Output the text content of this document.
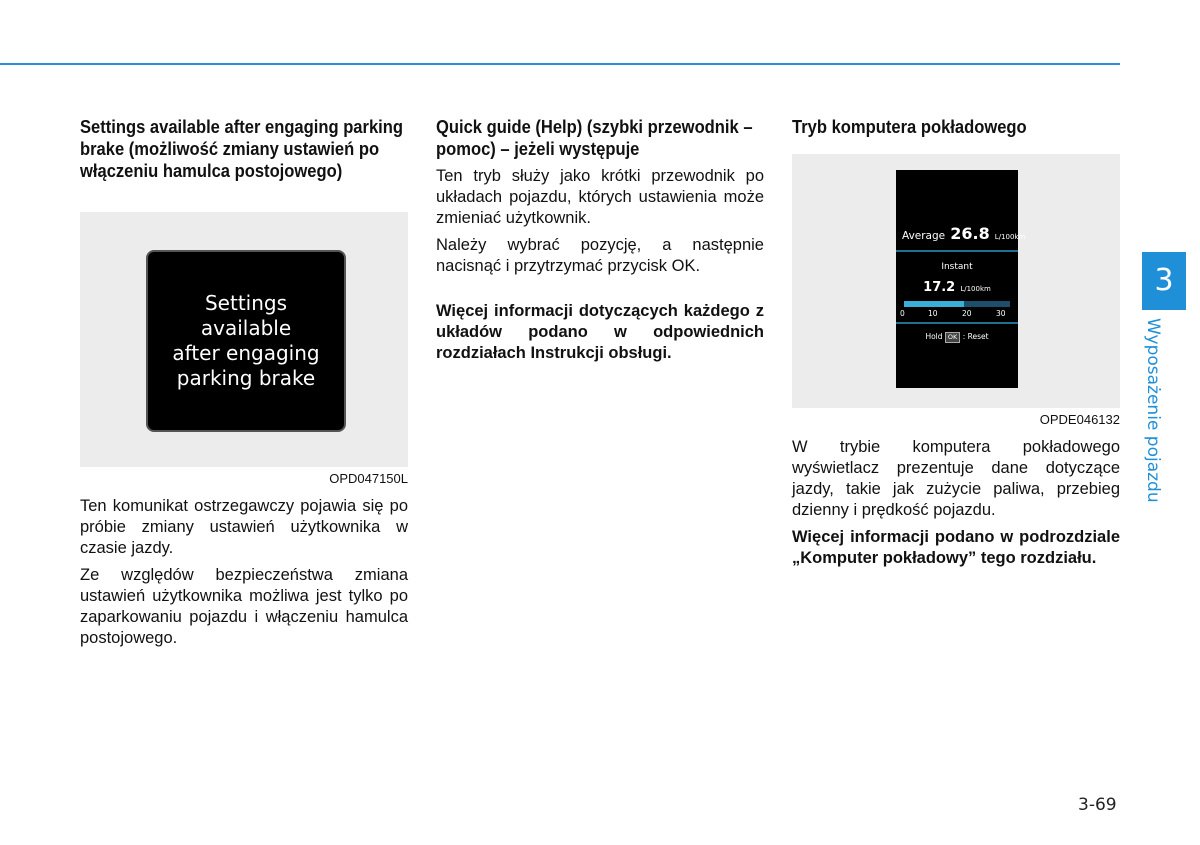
Settings available after engaging parking brake (możliwość zmiany ustawień po włączeniu hamulca postojowego)
Settings
available
after engaging
parking brake
OPD047150L

Ten komunikat ostrzegawczy pojawia się po próbie zmiany ustawień użytkownika w czasie jazdy.

Ze względów bezpieczeństwa zmiana ustawień użytkownika możliwa jest tylko po zaparkowaniu pojazdu i włączeniu hamulca postojowego.

Quick guide (Help) (szybki przewodnik – pomoc) – jeżeli występuje

Ten tryb służy jako krótki przewodnik po układach pojazdu, których ustawienia może zmieniać użytkownik.

Należy wybrać pozycję, a następnie nacisnąć i przytrzymać przycisk OK.

Więcej informacji dotyczących każdego z układów podano w odpowiednich rozdziałach Instrukcji obsługi.

Tryb komputera pokładowego
Average 26.8 L/100km
Instant
17.2 L/100km
0	10	20	30
Hold OK : Reset
OPDE046132

W trybie komputera pokładowego wyświetlacz prezentuje dane dotyczące jazdy, takie jak zużycie paliwa, przebieg dzienny i prędkość pojazdu.

Więcej informacji podano w podrozdziale „Komputer pokładowy” tego rozdziału.

3
Wyposażenie pojazdu
3-69
